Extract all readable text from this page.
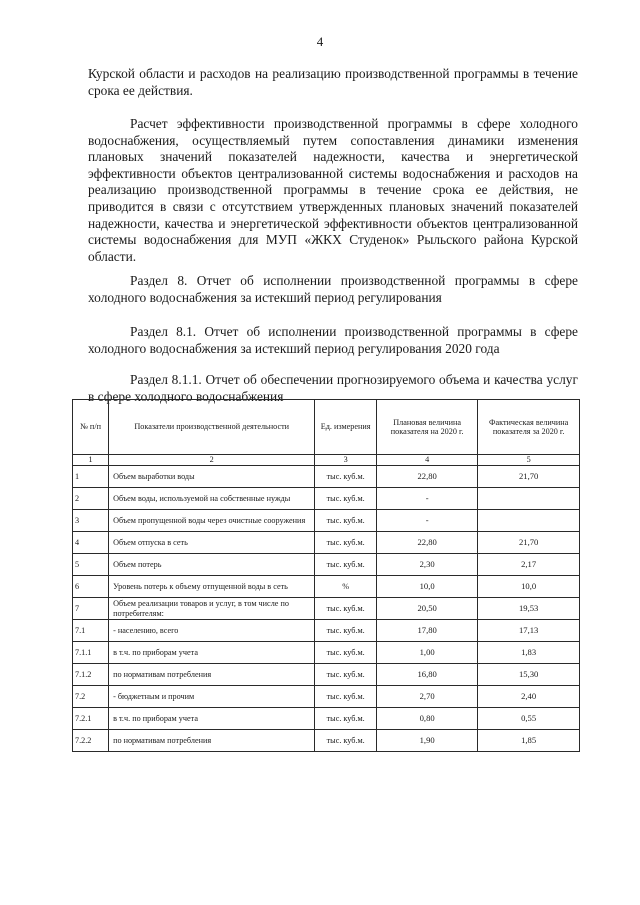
4

Курской области и расходов на реализацию производственной программы в течение срока ее действия.

Расчет эффективности производственной программы в сфере холодного водоснабжения, осуществляемый путем сопоставления динамики изменения плановых значений показателей надежности, качества и энергетической эффективности объектов централизованной системы водоснабжения и расходов на реализацию производственной программы в течение срока ее действия, не приводится в связи с отсутствием утвержденных плановых значений показателей надежности, качества и энергетической эффективности объектов централизованной системы водоснабжения для МУП «ЖКХ Студенок» Рыльского района Курской области.

Раздел 8. Отчет об исполнении производственной программы в сфере холодного водоснабжения за истекший период регулирования

Раздел 8.1. Отчет об исполнении производственной программы в сфере холодного водоснабжения за истекший период регулирования 2020 года

Раздел 8.1.1. Отчет об обеспечении прогнозируемого объема и качества услуг в сфере холодного водоснабжения

№ п/п	Показатели производственной деятельности	Ед. измерения	Плановая величина показателя на 2020 г.	Фактическая величина показателя за 2020 г.
1	2	3	4	5
1	Объем выработки воды	тыс. куб.м.	22,80	21,70
2	Объем воды, используемой на собственные нужды	тыс. куб.м.	-	
3	Объем пропущенной воды через очистные сооружения	тыс. куб.м.	-	
4	Объем отпуска в сеть	тыс. куб.м.	22,80	21,70
5	Объем потерь	тыс. куб.м.	2,30	2,17
6	Уровень потерь к объему отпущенной воды в сеть	%	10,0	10,0
7	Объем реализации товаров и услуг, в том числе по потребителям:	тыс. куб.м.	20,50	19,53
7.1	- населению, всего	тыс. куб.м.	17,80	17,13
7.1.1	в т.ч. по приборам учета	тыс. куб.м.	1,00	1,83
7.1.2	по нормативам потребления	тыс. куб.м.	16,80	15,30
7.2	- бюджетным и прочим	тыс. куб.м.	2,70	2,40
7.2.1	в т.ч. по приборам учета	тыс. куб.м.	0,80	0,55
7.2.2	по нормативам потребления	тыс. куб.м.	1,90	1,85
